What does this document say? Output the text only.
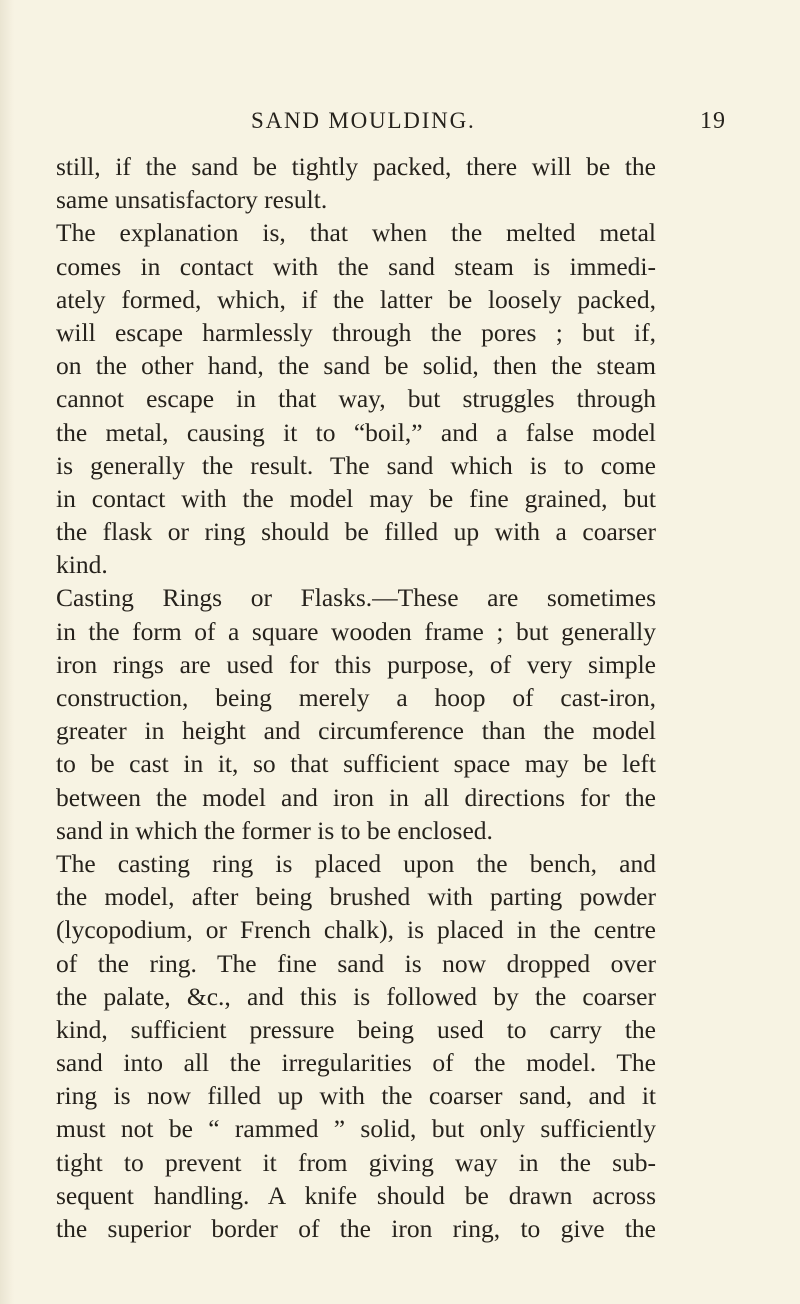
SAND MOULDING.	19
still, if the sand be tightly packed, there will be the
same unsatisfactory result.
The explanation is, that when the melted metal
comes in contact with the sand steam is immedi-
ately formed, which, if the latter be loosely packed,
will escape harmlessly through the pores ; but if,
on the other hand, the sand be solid, then the steam
cannot escape in that way, but struggles through
the metal, causing it to “boil,” and a false model
is generally the result. The sand which is to come
in contact with the model may be fine grained, but
the flask or ring should be filled up with a coarser
kind.
Casting Rings or Flasks.—These are sometimes
in the form of a square wooden frame ; but generally
iron rings are used for this purpose, of very simple
construction, being merely a hoop of cast-iron,
greater in height and circumference than the model
to be cast in it, so that sufficient space may be left
between the model and iron in all directions for the
sand in which the former is to be enclosed.
The casting ring is placed upon the bench, and
the model, after being brushed with parting powder
(lycopodium, or French chalk), is placed in the centre
of the ring. The fine sand is now dropped over
the palate, &c., and this is followed by the coarser
kind, sufficient pressure being used to carry the
sand into all the irregularities of the model. The
ring is now filled up with the coarser sand, and it
must not be “ rammed ” solid, but only sufficiently
tight to prevent it from giving way in the sub-
sequent handling. A knife should be drawn across
the superior border of the iron ring, to give the
